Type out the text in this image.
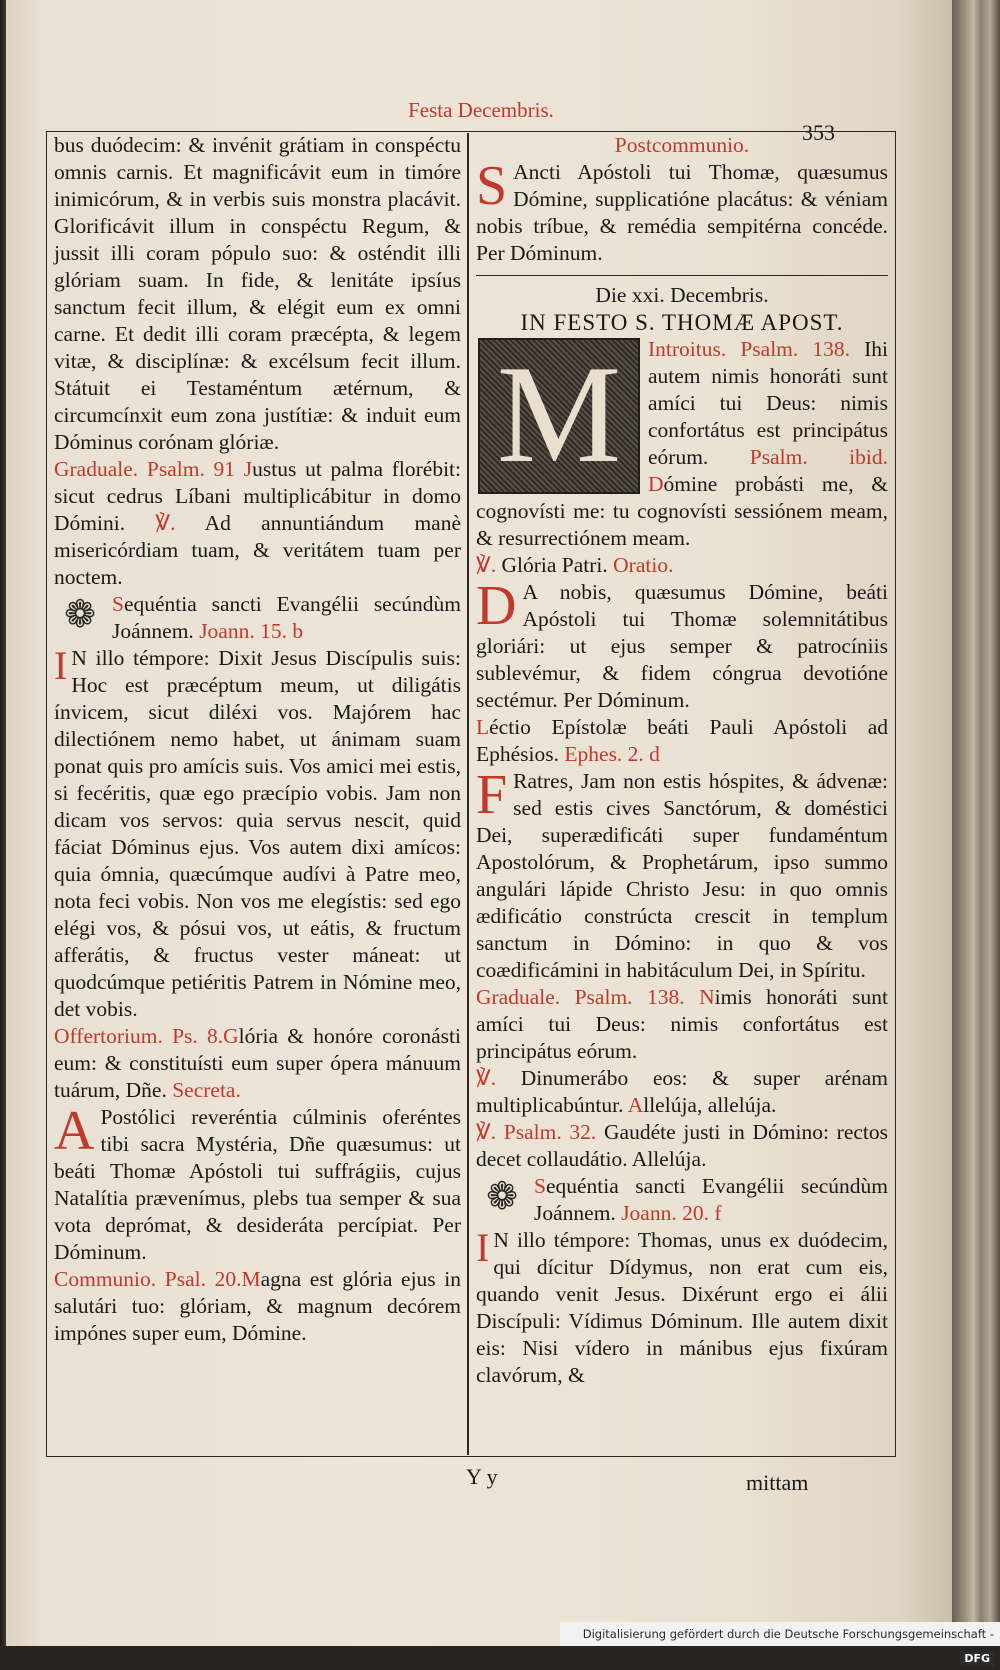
Festa Decembris.
353

bus duódecim: & invénit grátiam in conspéctu omnis carnis. Et magnificávit eum in timóre inimicórum, & in verbis suis monstra placávit. Glorificávit illum in conspéctu Regum, & jussit illi coram pópulo suo: & osténdit illi glóriam suam. In fide, & lenitáte ipsíus sanctum fecit illum, & elégit eum ex omni carne. Et dedit illi coram præcépta, & legem vitæ, & disciplínæ: & excélsum fecit illum. Státuit ei Testaméntum ætérnum, & circumcínxit eum zona justítiæ: & induit eum Dóminus corónam glóriæ.

Graduale. Psalm. 91 Justus ut palma florébit: sicut cedrus Líbani multiplicábitur in domo Dómini. ℣. Ad annuntiándum manè misericórdiam tuam, & veritátem tuam per noctem.

❁ Sequéntia sancti Evangélii secúndùm Joánnem. Joann. 15. b

I N illo témpore: Dixit Jesus Discípulis suis: Hoc est præcéptum meum, ut diligátis ínvicem, sicut diléxi vos. Majórem hac dilectiónem nemo habet, ut ánimam suam ponat quis pro amícis suis. Vos amici mei estis, si fecéritis, quæ ego præcípio vobis. Jam non dicam vos servos: quia servus nescit, quid fáciat Dóminus ejus. Vos autem dixi amícos: quia ómnia, quæcúmque audívi à Patre meo, nota feci vobis. Non vos me elegístis: sed ego elégi vos, & pósui vos, ut eátis, & fructum afferátis, & fructus vester máneat: ut quodcúmque petiéritis Patrem in Nómine meo, det vobis.

Offertorium. Ps. 8.Glória & honóre coronásti eum: & constituísti eum super ópera mánuum tuárum, Dñe. Secreta.

A Postólici reveréntia cúlminis oferéntes tibi sacra Mystéria, Dñe quæsumus: ut beáti Thomæ Apóstoli tui suffrágiis, cujus Natalítia prævenímus, plebs tua semper & sua vota deprómat, & desideráta percípiat. Per Dóminum.

Communio. Psal. 20.Magna est glória ejus in salutári tuo: glóriam, & magnum decórem impónes super eum, Dómine.

Postcommunio.

S Ancti Apóstoli tui Thomæ, quæsumus Dómine, supplicatióne placátus: & véniam nobis tríbue, & remédia sempitérna concéde. Per Dóminum.

Die xxi. Decembris.
IN FESTO S. THOMÆ APOST.

M	Introitus. Psalm. 138. Ihi autem nimis honoráti sunt amíci tui Deus: nimis confortátus est principátus eórum. Psalm. ibid. Dómine probásti me, & cognovísti me: tu cognovísti sessiónem meam, & resurrectiónem meam.

℣. Glória Patri. Oratio.

D A nobis, quæsumus Dómine, beáti Apóstoli tui Thomæ solemnitátibus gloriári: ut ejus semper & patrocíniis sublevémur, & fidem cóngrua devotióne sectémur. Per Dóminum.

Léctio Epístolæ beáti Pauli Apóstoli ad Ephésios. Ephes. 2. d

F Ratres, Jam non estis hóspites, & ádvenæ: sed estis cives Sanctórum, & doméstici Dei, superædificáti super fundaméntum Apostolórum, & Prophetárum, ipso summo angulári lápide Christo Jesu: in quo omnis ædificátio constrúcta crescit in templum sanctum in Dómino: in quo & vos coædificámini in habitáculum Dei, in Spíritu.

Graduale. Psalm. 138. Nimis honoráti sunt amíci tui Deus: nimis confortátus est principátus eórum.

℣. Dinumerábo eos: & super arénam multiplicabúntur. Allelúja, allelúja.

℣. Psalm. 32. Gaudéte justi in Dómino: rectos decet collaudátio. Allelúja.

❁ Sequéntia sancti Evangélii secúndùm Joánnem. Joann. 20. f

I N illo témpore: Thomas, unus ex duódecim, qui dícitur Dídymus, non erat cum eis, quando venit Jesus. Dixérunt ergo ei álii Discípuli: Vídimus Dóminum. Ille autem dixit eis: Nisi vídero in mánibus ejus fixúram clavórum, &

Y y	mittam
Digitalisierung gefördert durch die Deutsche Forschungsgemeinschaft -DFG
